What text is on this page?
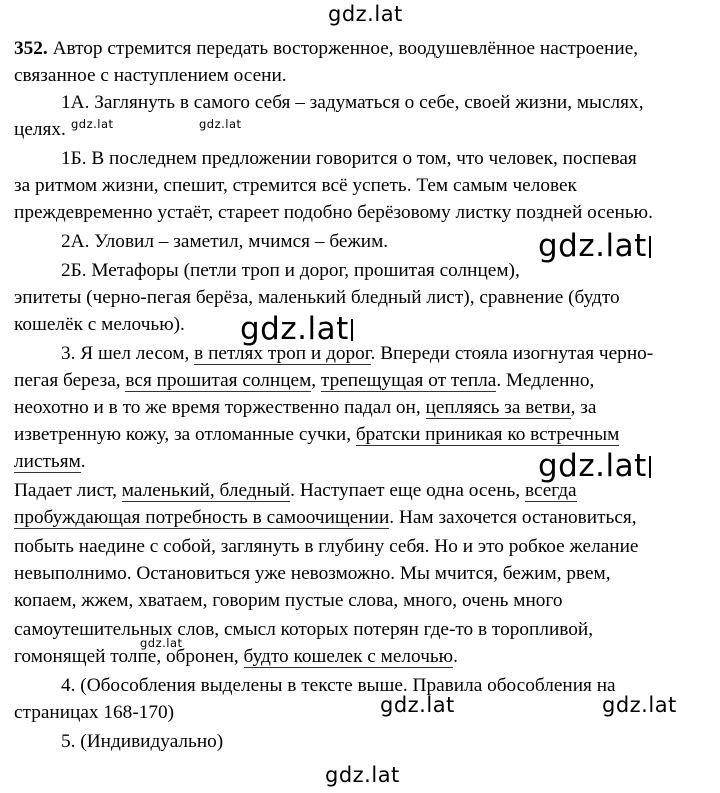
gdz.lat
gdz.lat	gdz.lat
gdz.lat
gdz.lat
gdz.lat
gdz.lat
gdz.lat	gdz.lat
gdz.lat
352. Автор стремится передать восторженное, воодушевлённое настроение,
связанное с наступлением осени.
1А. Заглянуть в самого себя – задуматься о себе, своей жизни, мыслях,
целях.
1Б. В последнем предложении говорится о том, что человек, поспевая
за ритмом жизни, спешит, стремится всё успеть. Тем самым человек
преждевременно устаёт, стареет подобно берёзовому листку поздней осенью.
2А. Уловил – заметил, мчимся – бежим.
2Б. Метафоры (петли троп и дорог, прошитая солнцем),
эпитеты (черно-пегая берёза, маленький бледный лист), сравнение (будто
кошелёк с мелочью).
3. Я шел лесом, в петлях троп и дорог. Впереди стояла изогнутая черно-
пегая береза, вся прошитая солнцем, трепещущая от тепла. Медленно,
неохотно и в то же время торжественно падал он, цепляясь за ветви, за
изветренную кожу, за отломанные сучки, братски приникая ко встречным
листьям.
Падает лист, маленький, бледный. Наступает еще одна осень, всегда
пробуждающая потребность в самоочищении. Нам захочется остановиться,
побыть наедине с собой, заглянуть в глубину себя. Но и это робкое желание
невыполнимо. Остановиться уже невозможно. Мы мчится, бежим, рвем,
копаем, жжем, хватаем, говорим пустые слова, много, очень много
самоутешительных слов, смысл которых потерян где-то в торопливой,
гомонящей толпе, обронен, будто кошелек с мелочью.
4. (Обособления выделены в тексте выше. Правила обособления на
страницах 168-170)
5. (Индивидуально)
